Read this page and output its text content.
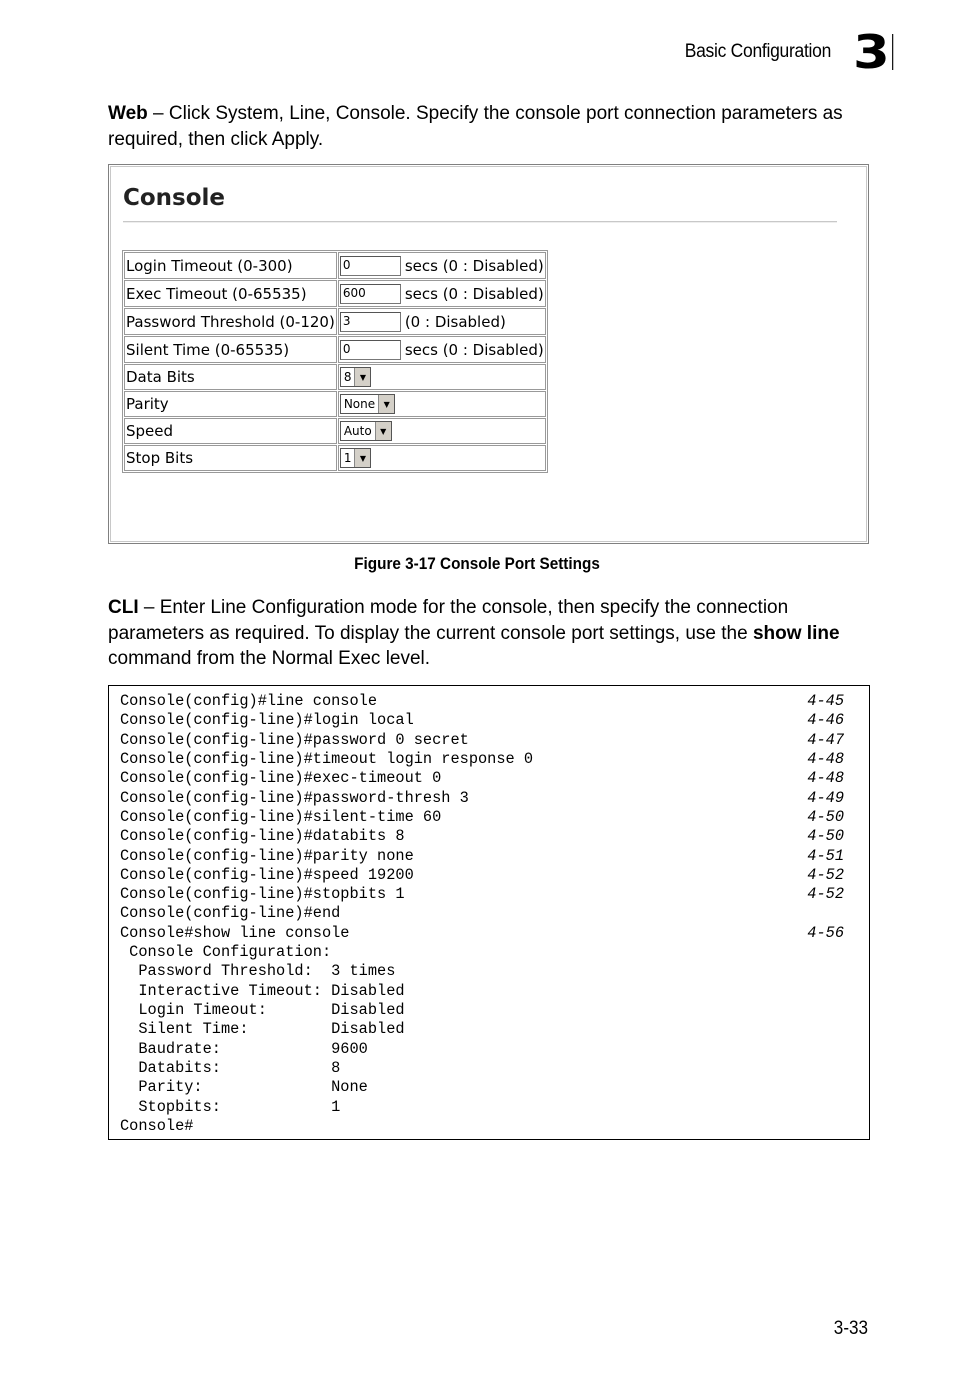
Basic Configuration 3

Web – Click System, Line, Console. Specify the console port connection parameters as required, then click Apply.

Console
Login Timeout (0-300)	0 secs (0 : Disabled)
Exec Timeout (0-65535)	600 secs (0 : Disabled)
Password Threshold (0-120)	3 (0 : Disabled)
Silent Time (0-65535)	0 secs (0 : Disabled)
Data Bits	8 ▼

Parity	None ▼

Speed	Auto ▼

Stop Bits	1 ▼
Figure 3-17 Console Port Settings

CLI – Enter Line Configuration mode for the console, then specify the connection parameters as required. To display the current console port settings, use the show line command from the Normal Exec level.

Console(config)#line console	4-45
Console(config-line)#login local	4-46
Console(config-line)#password 0 secret	4-47
Console(config-line)#timeout login response 0	4-48
Console(config-line)#exec-timeout 0	4-48
Console(config-line)#password-thresh 3	4-49
Console(config-line)#silent-time 60	4-50
Console(config-line)#databits 8	4-50
Console(config-line)#parity none	4-51
Console(config-line)#speed 19200	4-52
Console(config-line)#stopbits 1	4-52
Console(config-line)#end
Console#show line console	4-56
Console Configuration:
Password Threshold:  3 times
Interactive Timeout: Disabled
Login Timeout:       Disabled
Silent Time:         Disabled
Baudrate:            9600
Databits:            8
Parity:              None
Stopbits:            1
Console#
3-33
